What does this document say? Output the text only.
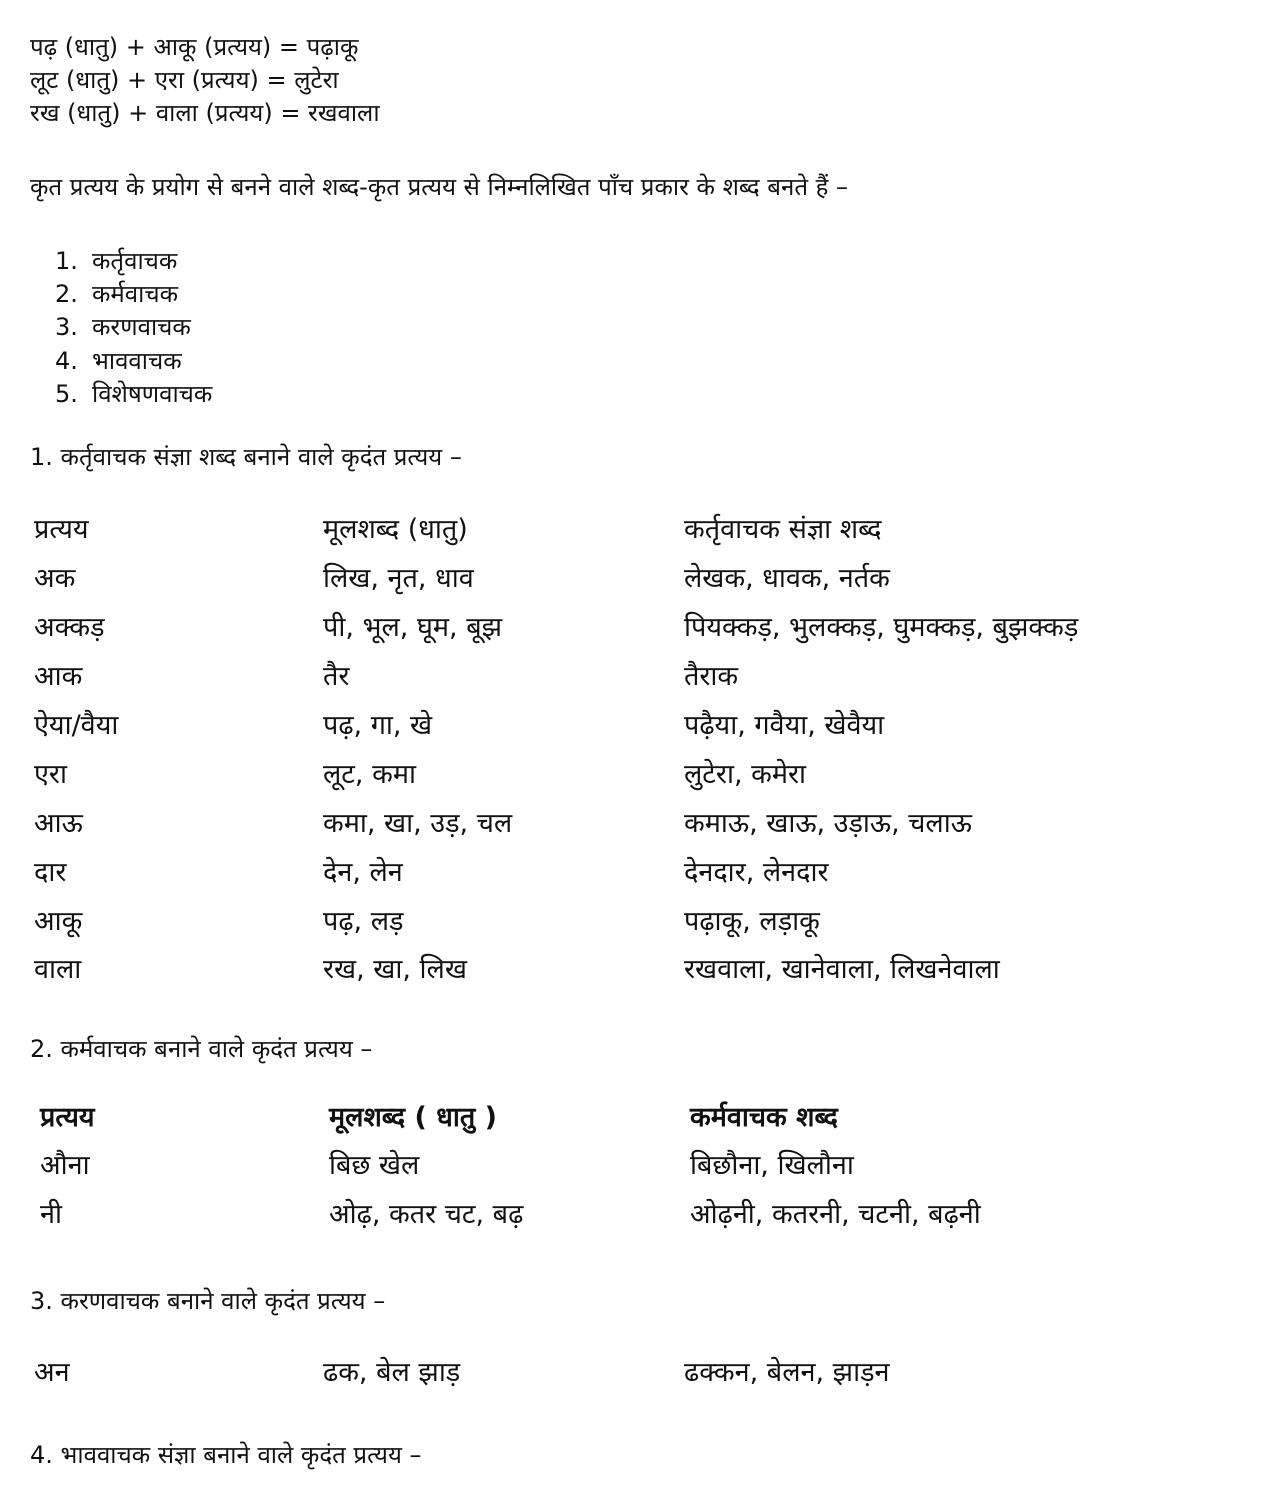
पढ़ (धातु) + आकू (प्रत्यय) = पढ़ाकू
लूट (धातु) + एरा (प्रत्यय) = लुटेरा
रख (धातु) + वाला (प्रत्यय) = रखवाला
कृत प्रत्यय के प्रयोग से बनने वाले शब्द-कृत प्रत्यय से निम्नलिखित पाँच प्रकार के शब्द बनते हैं –
1. कर्तृवाचक
2. कर्मवाचक
3. करणवाचक
4. भाववाचक
5. विशेषणवाचक
1. कर्तृवाचक संज्ञा शब्द बनाने वाले कृदंत प्रत्यय –
प्रत्यय	मूलशब्द (धातु)	कर्तृवाचक संज्ञा शब्द
अक	लिख, नृत, धाव	लेखक, धावक, नर्तक
अक्कड़	पी, भूल, घूम, बूझ	पियक्कड़, भुलक्कड़, घुमक्कड़, बुझक्कड़
आक	तैर	तैराक
ऐया/वैया	पढ़, गा, खे	पढ़ैया, गवैया, खेवैया
एरा	लूट, कमा	लुटेरा, कमेरा
आऊ	कमा, खा, उड़, चल	कमाऊ, खाऊ, उड़ाऊ, चलाऊ
दार	देन, लेन	देनदार, लेनदार
आकू	पढ़, लड़	पढ़ाकू, लड़ाकू
वाला	रख, खा, लिख	रखवाला, खानेवाला, लिखनेवाला
2. कर्मवाचक बनाने वाले कृदंत प्रत्यय –
प्रत्यय	मूलशब्द ( धातु )	कर्मवाचक शब्द
औना	बिछ खेल	बिछौना, खिलौना
नी	ओढ़, कतर चट, बढ़	ओढ़नी, कतरनी, चटनी, बढ़नी
3. करणवाचक बनाने वाले कृदंत प्रत्यय –
अन	ढक, बेल झाड़	ढक्कन, बेलन, झाड़न
4. भाववाचक संज्ञा बनाने वाले कृदंत प्रत्यय –
